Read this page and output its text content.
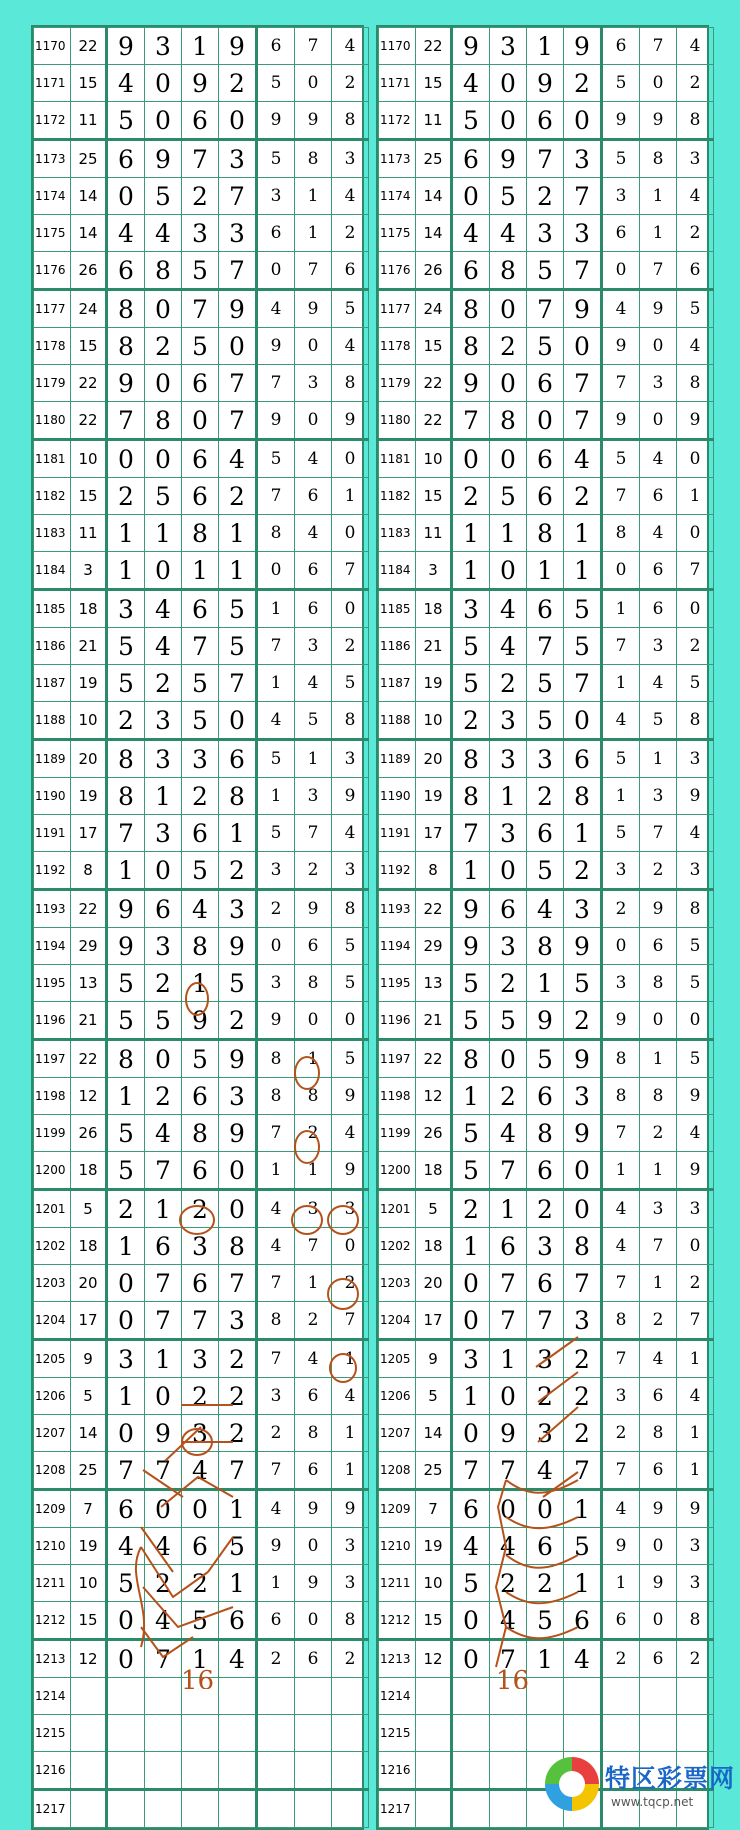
1170	22	9	3	1	9	6	7	4
1171	15	4	0	9	2	5	0	2
1172	11	5	0	6	0	9	9	8
1173	25	6	9	7	3	5	8	3
1174	14	0	5	2	7	3	1	4
1175	14	4	4	3	3	6	1	2
1176	26	6	8	5	7	0	7	6
1177	24	8	0	7	9	4	9	5
1178	15	8	2	5	0	9	0	4
1179	22	9	0	6	7	7	3	8
1180	22	7	8	0	7	9	0	9
1181	10	0	0	6	4	5	4	0
1182	15	2	5	6	2	7	6	1
1183	11	1	1	8	1	8	4	0
1184	3	1	0	1	1	0	6	7
1185	18	3	4	6	5	1	6	0
1186	21	5	4	7	5	7	3	2
1187	19	5	2	5	7	1	4	5
1188	10	2	3	5	0	4	5	8
1189	20	8	3	3	6	5	1	3
1190	19	8	1	2	8	1	3	9
1191	17	7	3	6	1	5	7	4
1192	8	1	0	5	2	3	2	3
1193	22	9	6	4	3	2	9	8
1194	29	9	3	8	9	0	6	5
1195	13	5	2	1	5	3	8	5
1196	21	5	5	9	2	9	0	0
1197	22	8	0	5	9	8	1	5
1198	12	1	2	6	3	8	8	9
1199	26	5	4	8	9	7	2	4
1200	18	5	7	6	0	1	1	9
1201	5	2	1	2	0	4	3	3
1202	18	1	6	3	8	4	7	0
1203	20	0	7	6	7	7	1	2
1204	17	0	7	7	3	8	2	7
1205	9	3	1	3	2	7	4	1
1206	5	1	0	2	2	3	6	4
1207	14	0	9	3	2	2	8	1
1208	25	7	7	4	7	7	6	1
1209	7	6	0	0	1	4	9	9
1210	19	4	4	6	5	9	0	3
1211	10	5	2	2	1	1	9	3
1212	15	0	4	5	6	6	0	8
1213	12	0	7	1	4	2	6	2
1214								
1215								
1216								
1217								
16
1170	22	9	3	1	9	6	7	4
1171	15	4	0	9	2	5	0	2
1172	11	5	0	6	0	9	9	8
1173	25	6	9	7	3	5	8	3
1174	14	0	5	2	7	3	1	4
1175	14	4	4	3	3	6	1	2
1176	26	6	8	5	7	0	7	6
1177	24	8	0	7	9	4	9	5
1178	15	8	2	5	0	9	0	4
1179	22	9	0	6	7	7	3	8
1180	22	7	8	0	7	9	0	9
1181	10	0	0	6	4	5	4	0
1182	15	2	5	6	2	7	6	1
1183	11	1	1	8	1	8	4	0
1184	3	1	0	1	1	0	6	7
1185	18	3	4	6	5	1	6	0
1186	21	5	4	7	5	7	3	2
1187	19	5	2	5	7	1	4	5
1188	10	2	3	5	0	4	5	8
1189	20	8	3	3	6	5	1	3
1190	19	8	1	2	8	1	3	9
1191	17	7	3	6	1	5	7	4
1192	8	1	0	5	2	3	2	3
1193	22	9	6	4	3	2	9	8
1194	29	9	3	8	9	0	6	5
1195	13	5	2	1	5	3	8	5
1196	21	5	5	9	2	9	0	0
1197	22	8	0	5	9	8	1	5
1198	12	1	2	6	3	8	8	9
1199	26	5	4	8	9	7	2	4
1200	18	5	7	6	0	1	1	9
1201	5	2	1	2	0	4	3	3
1202	18	1	6	3	8	4	7	0
1203	20	0	7	6	7	7	1	2
1204	17	0	7	7	3	8	2	7
1205	9	3	1	3	2	7	4	1
1206	5	1	0	2	2	3	6	4
1207	14	0	9	3	2	2	8	1
1208	25	7	7	4	7	7	6	1
1209	7	6	0	0	1	4	9	9
1210	19	4	4	6	5	9	0	3
1211	10	5	2	2	1	1	9	3
1212	15	0	4	5	6	6	0	8
1213	12	0	7	1	4	2	6	2
1214								
1215								
1216								
1217								
16
特区彩票网
www.tqcp.net
